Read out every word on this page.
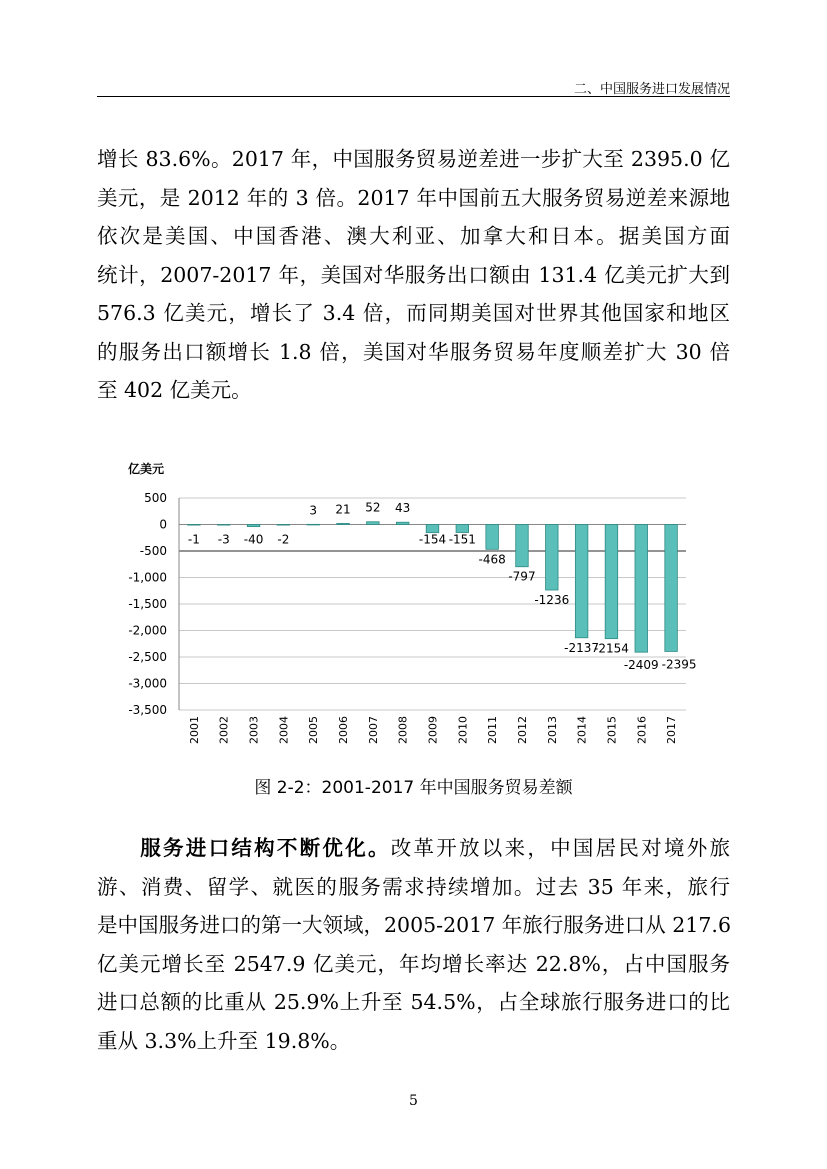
二、中国服务进口发展情况
增长 83.6%。2017 年，中国服务贸易逆差进一步扩大至 2395.0 亿
美元，是 2012 年的 3 倍。2017 年中国前五大服务贸易逆差来源地
依次是美国、中国香港、澳大利亚、加拿大和日本。据美国方面
统计，2007-2017 年，美国对华服务出口额由 131.4 亿美元扩大到
576.3 亿美元，增长了 3.4 倍，而同期美国对世界其他国家和地区
的服务出口额增长 1.8 倍，美国对华服务贸易年度顺差扩大 30 倍
至 402 亿美元。
亿美元
500
0
-500
-1,000
-1,500
-2,000
-2,500
-3,000
-3,500
-1 -3 -40 -2
3 21 52 43
-154 -151
-468
-797
-1236
-2137
-2154
-2409 -2395
2001 2002 2003 2004 2005 2006 2007 2008 2009 2010 2011 2012 2013 2014 2015 2016 2017
图 2-2：2001-2017 年中国服务贸易差额
服务进口结构不断优化。改革开放以来，中国居民对境外旅
游、消费、留学、就医的服务需求持续增加。过去 35 年来，旅行
是中国服务进口的第一大领域，2005-2017 年旅行服务进口从 217.6
亿美元增长至 2547.9 亿美元，年均增长率达 22.8%，占中国服务
进口总额的比重从 25.9%上升至 54.5%，占全球旅行服务进口的比
重从 3.3%上升至 19.8%。
5
